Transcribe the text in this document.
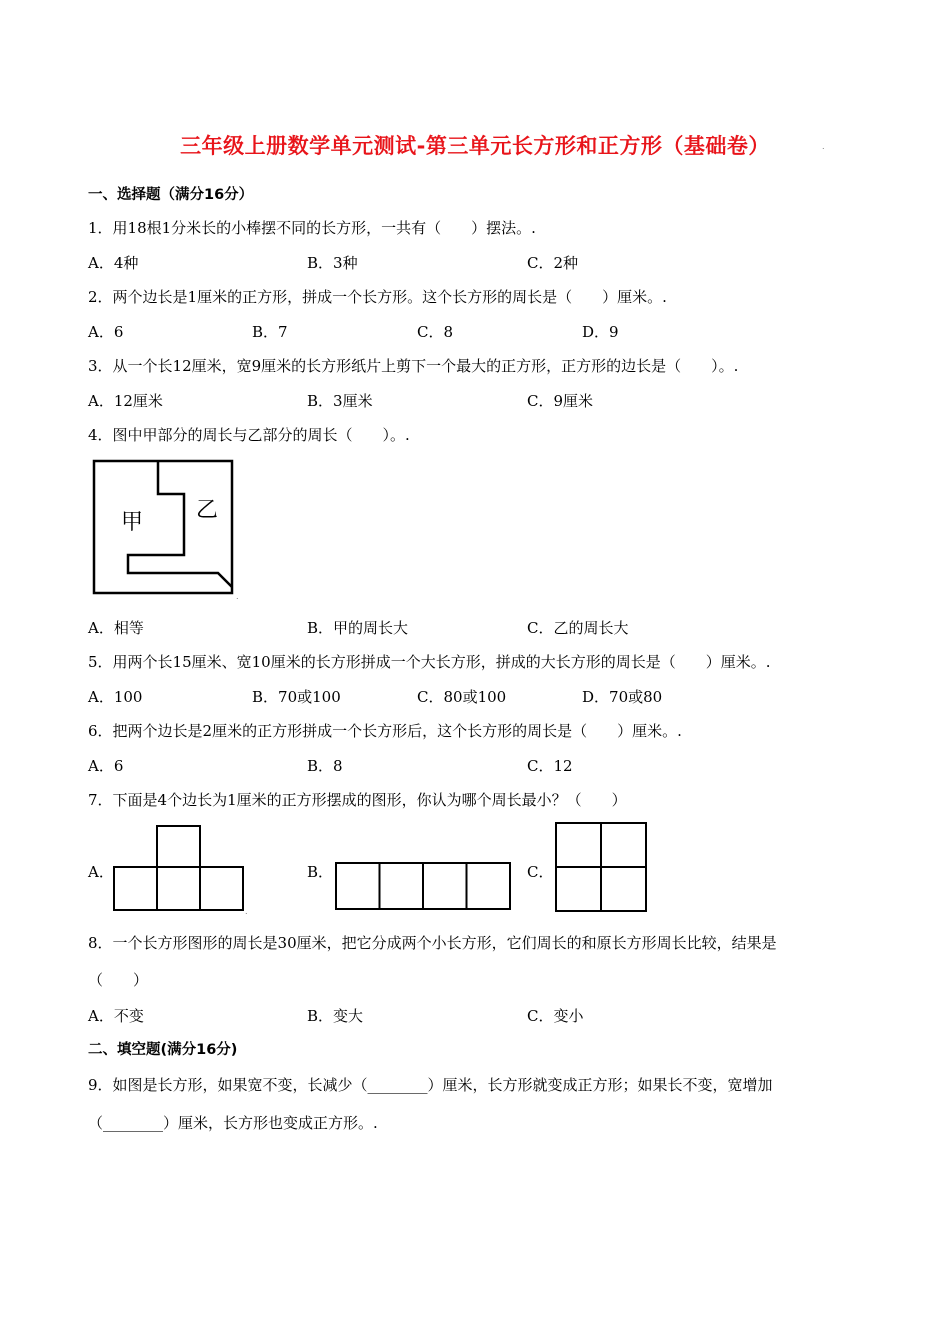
三年级上册数学单元测试-第三单元长方形和正方形（基础卷）	.
一、选择题（满分16分）
1．用18根1分米长的小棒摆不同的长方形，一共有（　　）摆法。.
A．4种	B．3种	C．2种
2．两个边长是1厘米的正方形，拼成一个长方形。这个长方形的周长是（　　）厘米。.
A．6	B．7	C．8	D．9
3．从一个长12厘米，宽9厘米的长方形纸片上剪下一个最大的正方形，正方形的边长是（　　）。.
A．12厘米	B．3厘米	C．9厘米
4．图中甲部分的周长与乙部分的周长（　　）。.
甲 乙
.
A．相等	B．甲的周长大	C．乙的周长大
5．用两个长15厘米、宽10厘米的长方形拼成一个大长方形，拼成的大长方形的周长是（　　）厘米。.
A．100	B．70或100	C．80或100	D．70或80
6．把两个边长是2厘米的正方形拼成一个长方形后，这个长方形的周长是（　　）厘米。.
A．6	B．8	C．12
7．下面是4个边长为1厘米的正方形摆成的图形，你认为哪个周长最小？（　　）
A．
.
B．	C．
8．一个长方形图形的周长是30厘米，把它分成两个小长方形，它们周长的和原长方形周长比较，结果是
（　　）
A．不变	B．变大	C．变小
二、填空题(满分16分)
9．如图是长方形，如果宽不变，长减少（________）厘米，长方形就变成正方形；如果长不变，宽增加
（________）厘米，长方形也变成正方形。.
